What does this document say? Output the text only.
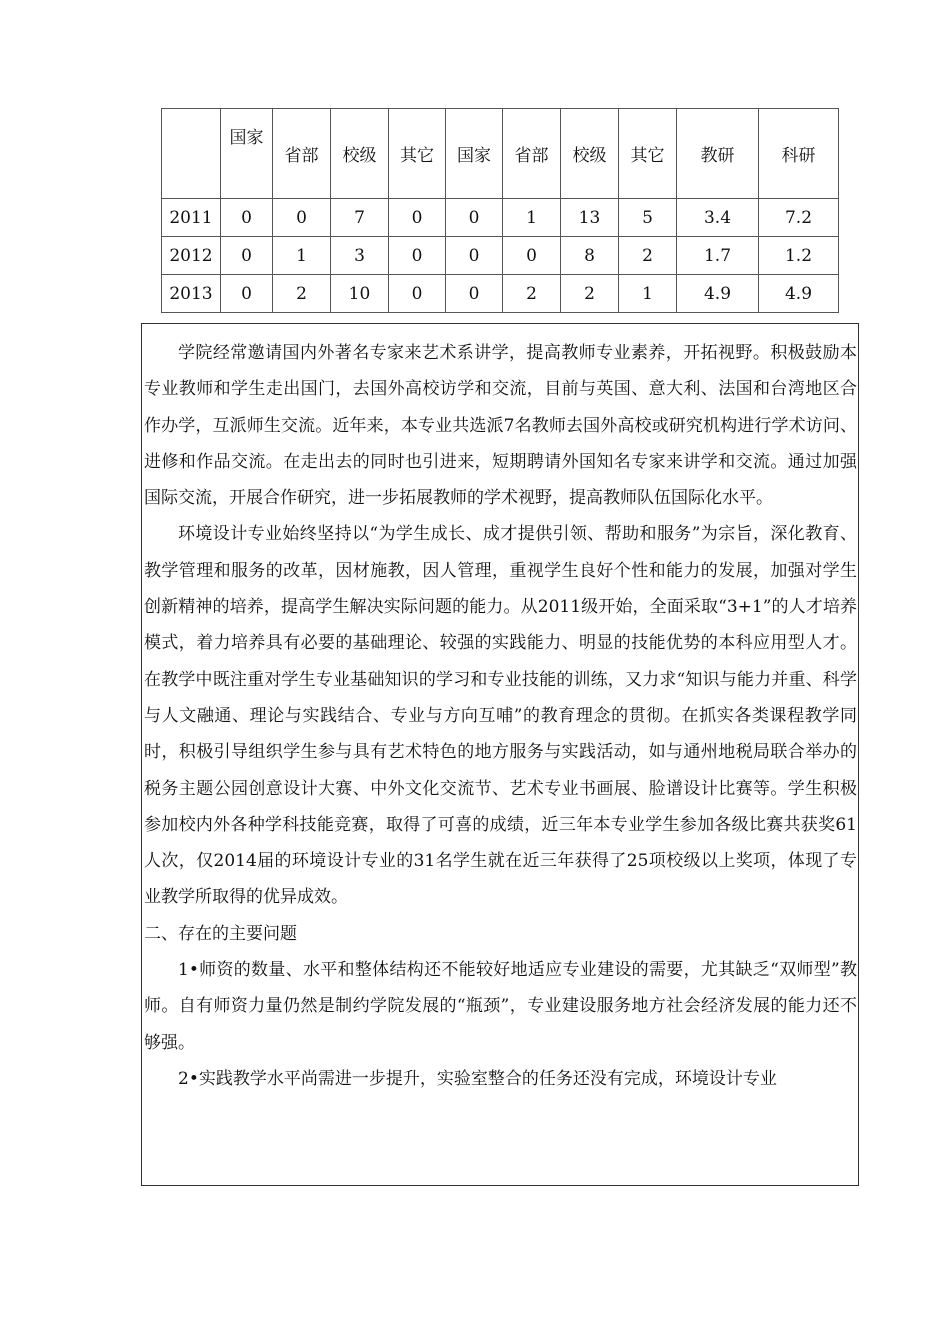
	国家	省部	校级	其它	国家	省部	校级	其它	教研	科研
2011	0	0	7	0	0	1	13	5	3.4	7.2
2012	0	1	3	0	0	0	8	2	1.7	1.2
2013	0	2	10	0	0	2	2	1	4.9	4.9

学院经常邀请国内外著名专家来艺术系讲学，提高教师专业素养，开拓视野。积极鼓励本专业教师和学生走出国门，去国外高校访学和交流，目前与英国、意大利、法国和台湾地区合作办学，互派师生交流。近年来，本专业共选派7名教师去国外高校或研究机构进行学术访问、进修和作品交流。在走出去的同时也引进来，短期聘请外国知名专家来讲学和交流。通过加强国际交流，开展合作研究，进一步拓展教师的学术视野，提高教师队伍国际化水平。

环境设计专业始终坚持以“为学生成长、成才提供引领、帮助和服务”为宗旨，深化教育、教学管理和服务的改革，因材施教，因人管理，重视学生良好个性和能力的发展，加强对学生创新精神的培养，提高学生解决实际问题的能力。从2011级开始，全面采取“3+1”的人才培养模式，着力培养具有必要的基础理论、较强的实践能力、明显的技能优势的本科应用型人才。在教学中既注重对学生专业基础知识的学习和专业技能的训练，又力求“知识与能力并重、科学与人文融通、理论与实践结合、专业与方向互哺”的教育理念的贯彻。在抓实各类课程教学同时，积极引导组织学生参与具有艺术特色的地方服务与实践活动，如与通州地税局联合举办的税务主题公园创意设计大赛、中外文化交流节、艺术专业书画展、脸谱设计比赛等。学生积极参加校内外各种学科技能竞赛，取得了可喜的成绩，近三年本专业学生参加各级比赛共获奖61人次，仅2014届的环境设计专业的31名学生就在近三年获得了25项校级以上奖项，体现了专业教学所取得的优异成效。

二、存在的主要问题

1•师资的数量、水平和整体结构还不能较好地适应专业建设的需要，尤其缺乏“双师型”教师。自有师资力量仍然是制约学院发展的“瓶颈”，专业建设服务地方社会经济发展的能力还不够强。

2•实践教学水平尚需进一步提升，实验室整合的任务还没有完成，环境设计专业
